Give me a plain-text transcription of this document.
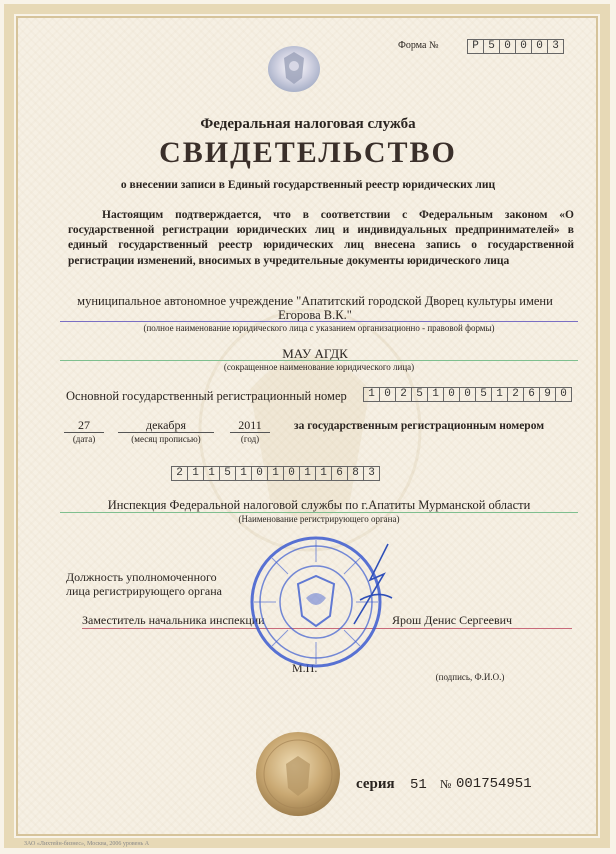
Форма №	Р 5 0 0 0 3
Федеральная налоговая служба
СВИДЕТЕЛЬСТВО
о внесении записи в Единый государственный реестр юридических лиц
Настоящим подтверждается, что в соответствии с Федеральным законом «О государственной регистрации юридических лиц и индивидуальных предпринимателей» в единый государственный реестр юридических лиц внесена запись о государственной регистрации изменений, вносимых в учредительные документы юридического лица
муниципальное автономное учреждение "Апатитский городской Дворец культуры имени
Егорова В.К."
(полное наименование юридического лица с указанием организационно - правовой формы)
МАУ АГДК
(сокращенное наименование юридического лица)
Основной государственный регистрационный номер	1 0 2 5 1 0 0 5 1 2 6 9 0
27
(дата)
декабря
(месяц прописью)
2011
(год)
за государственным регистрационным номером
2 1 1 5 1 0 1 0 1 1 6 8 3
Инспекция Федеральной налоговой службы по г.Апатиты Мурманской области
(Наименование регистрирующего органа)
Должность уполномоченного
лица регистрирующего органа
Заместитель начальника инспекции	Ярош Денис Сергеевич
М.П.
(подпись, Ф.И.О.)
серия 51 № 001754951
ЗАО «Лихтейн-бизнес», Москва, 2006 уровень А
